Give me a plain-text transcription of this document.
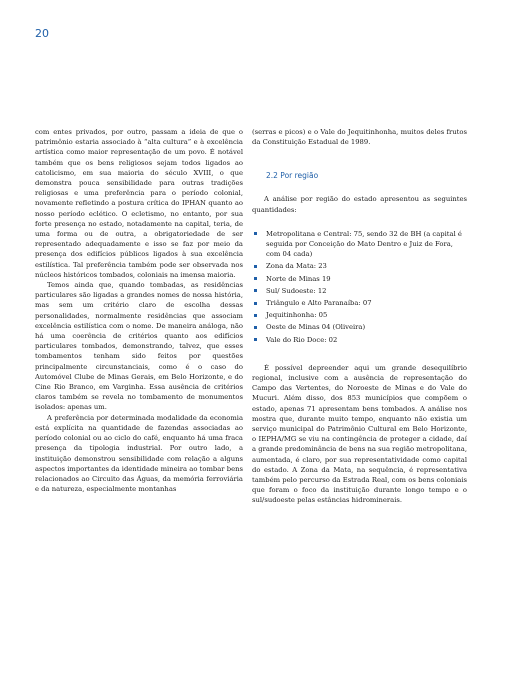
20

com entes privados, por outro, passam a ideia de que o patrimônio estaria associado à “alta cultura” e à excelência artística como maior representação de um povo. É notável também que os bens religiosos sejam todos ligados ao catolicismo, em sua maioria do século XVIII, o que demonstra pouca sensibilidade para outras tradições religiosas e uma preferência para o período colonial, novamente refletindo a postura crítica do IPHAN quanto ao nosso período eclético. O ecletismo, no entanto, por sua forte presença no estado, notadamente na capital, teria, de uma forma ou de outra, a obrigatoriedade de ser representado adequadamente e isso se faz por meio da presença dos edifícios públicos ligados à sua excelência estilística. Tal preferência também pode ser observada nos núcleos históricos tombados, coloniais na imensa maioria.

Temos ainda que, quando tombadas, as residências particulares são ligadas a grandes nomes de nossa história, mas sem um critério claro de escolha dessas personalidades, normalmente residências que associam excelência estilística com o nome. De maneira análoga, não há uma coerência de critérios quanto aos edifícios particulares tombados, demonstrando, talvez, que esses tombamentos tenham sido feitos por questões principalmente circunstanciais, como é o caso do Automóvel Clube de Minas Gerais, em Belo Horizonte, e do Cine Rio Branco, em Varginha. Essa ausência de critérios claros também se revela no tombamento de monumentos isolados: apenas um.

A preferência por determinada modalidade da economia está explícita na quantidade de fazendas associadas ao período colonial ou ao ciclo do café, enquanto há uma fraca presença da tipologia industrial. Por outro lado, a instituição demonstrou sensibilidade com relação a alguns aspectos importantes da identidade mineira ao tombar bens relacionados ao Circuito das Águas, da memória ferroviária e da natureza, especialmente montanhas

(serras e picos) e o Vale do Jequitinhonha, muitos deles frutos da Constituição Estadual de 1989.

2.2 Por região

A análise por região do estado apresentou as seguintes quantidades:

Metropolitana e Central: 75, sendo 32 de BH (a capital é seguida por Conceição do Mato Dentro e Juiz de Fora, com 04 cada)
Zona da Mata: 23
Norte de Minas 19
Sul/ Sudoeste: 12
Triângulo e Alto Paranaíba: 07
Jequitinhonha: 05
Oeste de Minas 04 (Oliveira)
Vale do Rio Doce: 02

É possível depreender aqui um grande desequilíbrio regional, inclusive com a ausência de representação do Campo das Vertentes, do Noroeste de Minas e do Vale do Mucuri. Além disso, dos 853 municípios que compõem o estado, apenas 71 apresentam bens tombados. A análise nos mostra que, durante muito tempo, enquanto não existia um serviço municipal do Patrimônio Cultural em Belo Horizonte, o IEPHA/MG se viu na contingência de proteger a cidade, daí a grande predominância de bens na sua região metropolitana, aumentada, é claro, por sua representatividade como capital do estado. A Zona da Mata, na sequência, é representativa também pelo percurso da Estrada Real, com os bens coloniais que foram o foco da instituição durante longo tempo e o sul/sudoeste pelas estâncias hidrominerais.
